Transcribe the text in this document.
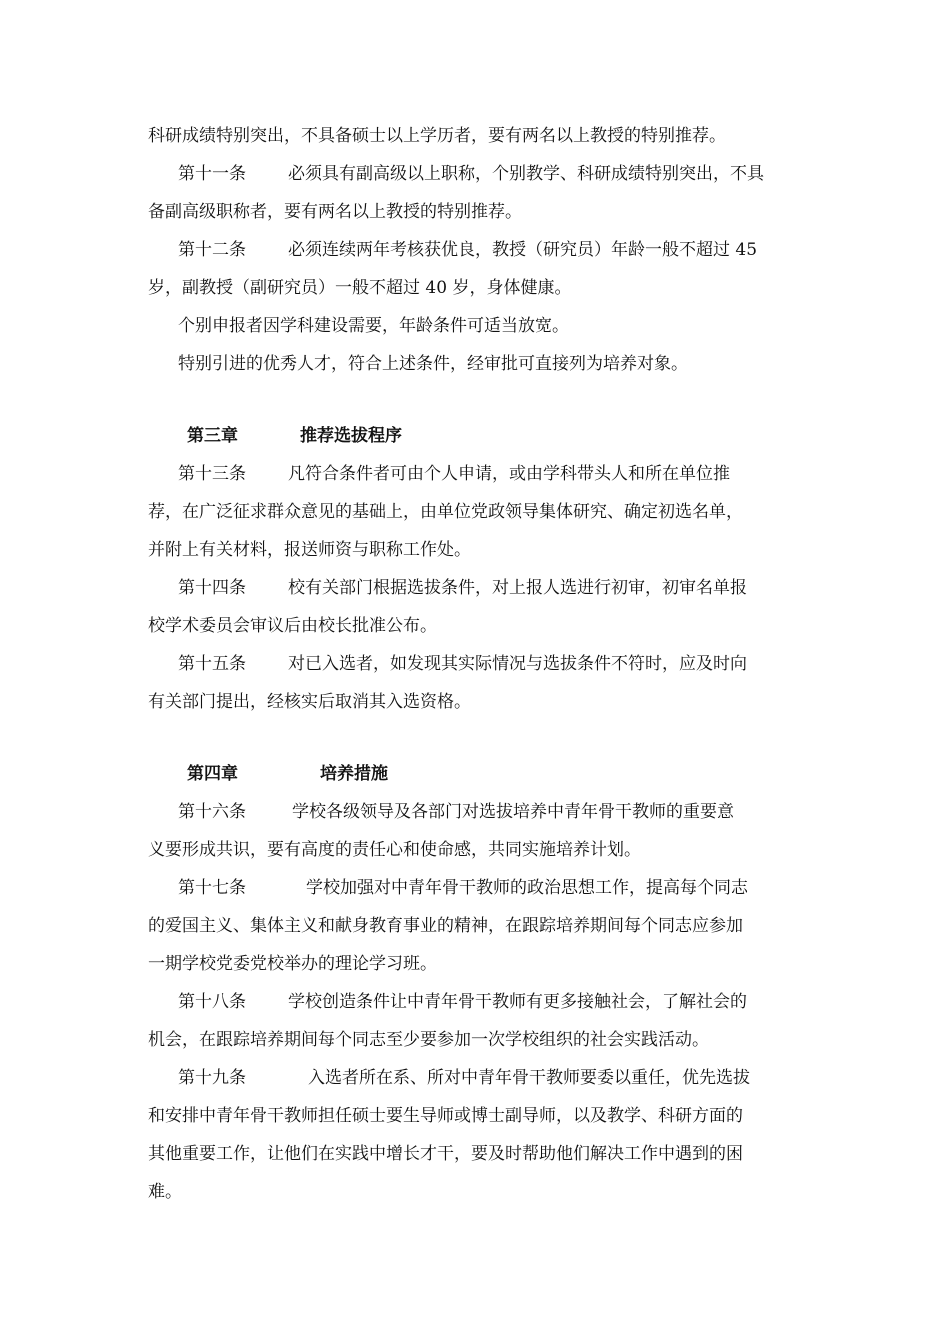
科研成绩特别突出，不具备硕士以上学历者，要有两名以上教授的特别推荐。
第十一条 必须具有副高级以上职称，个别教学、科研成绩特别突出，不具
备副高级职称者，要有两名以上教授的特别推荐。
第十二条 必须连续两年考核获优良，教授（研究员）年龄一般不超过 45
岁，副教授（副研究员）一般不超过 40 岁，身体健康。
个别申报者因学科建设需要，年龄条件可适当放宽。
特别引进的优秀人才，符合上述条件，经审批可直接列为培养对象。
第三章	推荐选拔程序
第十三条 凡符合条件者可由个人申请，或由学科带头人和所在单位推
荐，在广泛征求群众意见的基础上，由单位党政领导集体研究、确定初选名单，
并附上有关材料，报送师资与职称工作处。
第十四条 校有关部门根据选拔条件，对上报人选进行初审，初审名单报
校学术委员会审议后由校长批准公布。
第十五条 对已入选者，如发现其实际情况与选拔条件不符时，应及时向
有关部门提出，经核实后取消其入选资格。
第四章	培养措施
第十六条	学校各级领导及各部门对选拔培养中青年骨干教师的重要意
义要形成共识，要有高度的责任心和使命感，共同实施培养计划。
第十七条	学校加强对中青年骨干教师的政治思想工作，提高每个同志
的爱国主义、集体主义和献身教育事业的精神，在跟踪培养期间每个同志应参加
一期学校党委党校举办的理论学习班。
第十八条 学校创造条件让中青年骨干教师有更多接触社会，了解社会的
机会，在跟踪培养期间每个同志至少要参加一次学校组织的社会实践活动。
第十九条	入选者所在系、所对中青年骨干教师要委以重任，优先选拔
和安排中青年骨干教师担任硕士要生导师或博士副导师，以及教学、科研方面的
其他重要工作，让他们在实践中增长才干，要及时帮助他们解决工作中遇到的困
难。
